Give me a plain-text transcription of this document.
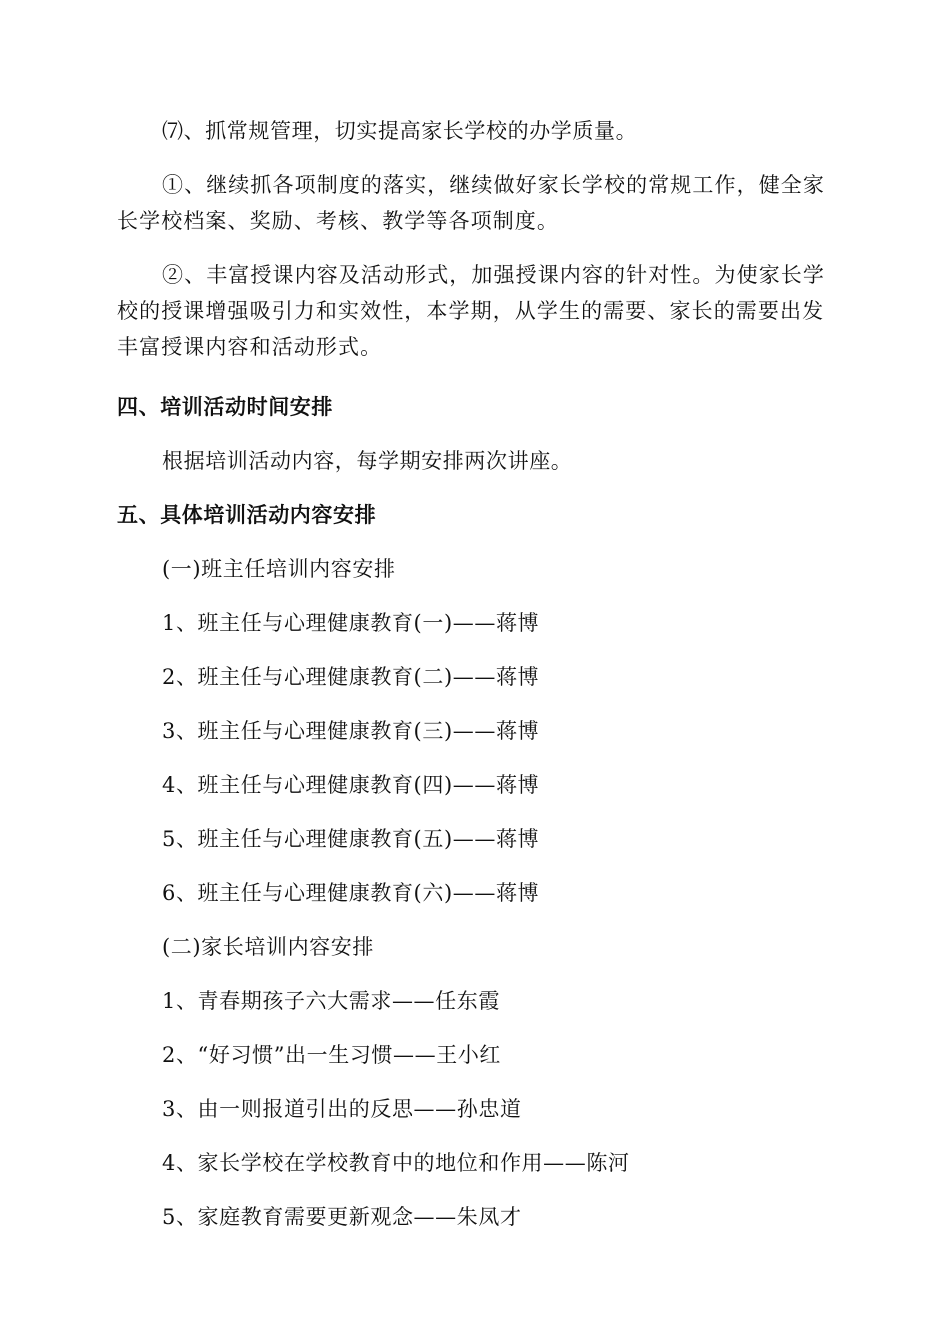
⑺、抓常规管理，切实提高家长学校的办学质量。
①、继续抓各项制度的落实，继续做好家长学校的常规工作，健全家长学校档案、奖励、考核、教学等各项制度。
②、丰富授课内容及活动形式，加强授课内容的针对性。为使家长学校的授课增强吸引力和实效性，本学期，从学生的需要、家长的需要出发丰富授课内容和活动形式。
四、培训活动时间安排
根据培训活动内容，每学期安排两次讲座。
五、具体培训活动内容安排
(一)班主任培训内容安排
1、班主任与心理健康教育(一)——蒋博
2、班主任与心理健康教育(二)——蒋博
3、班主任与心理健康教育(三)——蒋博
4、班主任与心理健康教育(四)——蒋博
5、班主任与心理健康教育(五)——蒋博
6、班主任与心理健康教育(六)——蒋博
(二)家长培训内容安排
1、青春期孩子六大需求——任东霞
2、“好习惯”出一生习惯——王小红
3、由一则报道引出的反思——孙忠道
4、家长学校在学校教育中的地位和作用——陈河
5、家庭教育需要更新观念——朱凤才
